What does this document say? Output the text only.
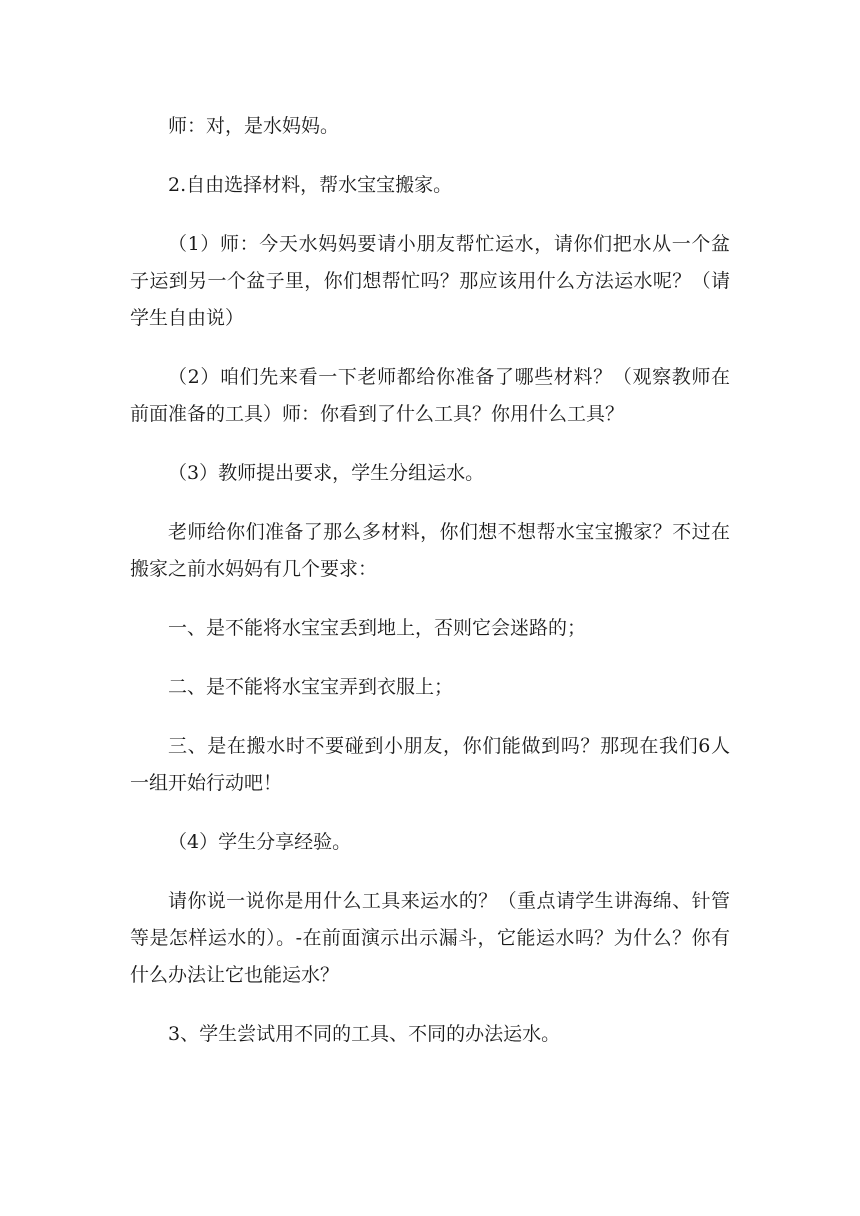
师：对，是水妈妈。

2.自由选择材料，帮水宝宝搬家。

（1）师：今天水妈妈要请小朋友帮忙运水，请你们把水从一个盆子运到另一个盆子里，你们想帮忙吗？那应该用什么方法运水呢？（请学生自由说）

（2）咱们先来看一下老师都给你准备了哪些材料？（观察教师在前面准备的工具）师：你看到了什么工具？你用什么工具？

（3）教师提出要求，学生分组运水。

老师给你们准备了那么多材料，你们想不想帮水宝宝搬家？不过在搬家之前水妈妈有几个要求：

一、是不能将水宝宝丢到地上，否则它会迷路的；

二、是不能将水宝宝弄到衣服上；

三、是在搬水时不要碰到小朋友，你们能做到吗？那现在我们6人一组开始行动吧！

（4）学生分享经验。

请你说一说你是用什么工具来运水的？（重点请学生讲海绵、针管等是怎样运水的）。-在前面演示出示漏斗，它能运水吗？为什么？你有什么办法让它也能运水？

3、学生尝试用不同的工具、不同的办法运水。
